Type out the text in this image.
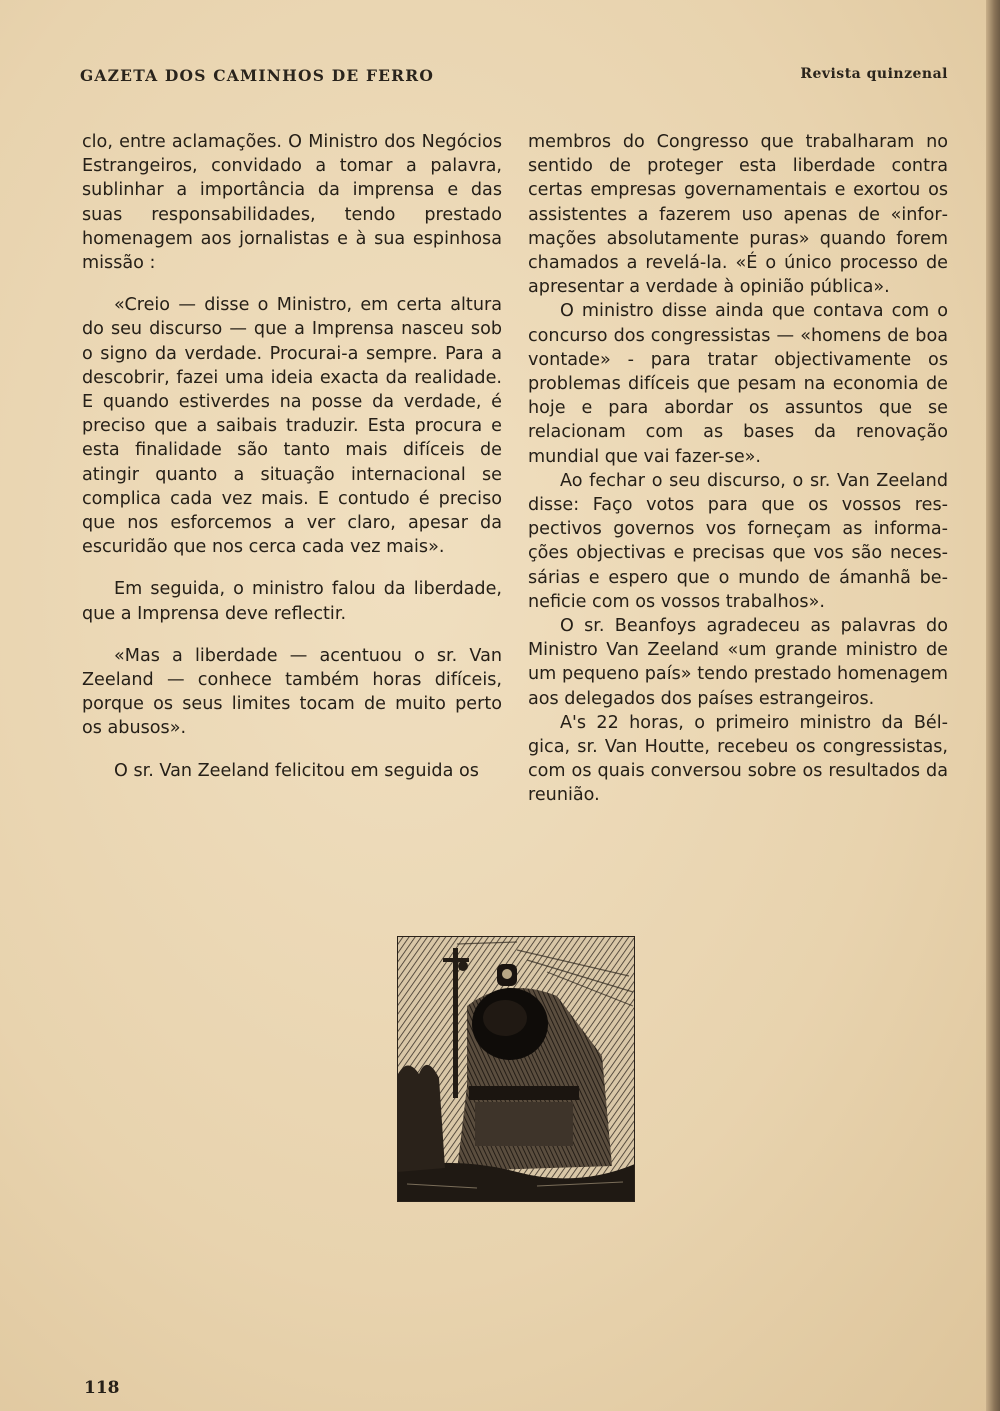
GAZETA DOS CAMINHOS DE FERRO	Revista quinzenal

clo, entre aclamações. O Ministro dos Negócios Estrangeiros, convidado a tomar a palavra, sublinhar a importância da imprensa e das suas responsabilidades, tendo prestado homenagem aos jornalistas e à sua espinhosa missão :

«Creio — disse o Ministro, em certa altura do seu discurso — que a Imprensa nasceu sob o signo da verdade. Procurai-a sempre. Para a descobrir, fazei uma ideia exacta da realidade. E quando estiverdes na posse da verdade, é preciso que a saibais traduzir. Esta procura e esta finalidade são tanto mais difíceis de atingir quanto a situação internacional se complica cada vez mais. E contudo é preciso que nos esforcemos a ver claro, apesar da escuridão que nos cerca cada vez mais».

Em seguida, o ministro falou da liberdade, que a Imprensa deve reflectir.

«Mas a liberdade — acentuou o sr. Van Zeeland — conhece também horas difíceis, porque os seus limites tocam de muito perto os abusos».

O sr. Van Zeeland felicitou em seguida os

membros do Congresso que trabalharam no sentido de proteger esta liberdade contra certas empresas governamentais e exortou os assistentes a fazerem uso apenas de «informações absolutamente puras» quando forem chamados a revelá-la. «É o único processo de apresentar a verdade à opinião pública».

O ministro disse ainda que contava com o concurso dos congressistas — «homens de boa vontade» - para tratar objectivamente os problemas difíceis que pesam na economia de hoje e para abordar os assuntos que se relacionam com as bases da renovação mundial que vai fazer-se».

Ao fechar o seu discurso, o sr. Van Zeeland disse: Faço votos para que os vossos respectivos governos vos forneçam as informações objectivas e precisas que vos são necessárias e espero que o mundo de ámanhã beneficie com os vossos trabalhos».

O sr. Beanfoys agradeceu as palavras do Ministro Van Zeeland «um grande ministro de um pequeno país» tendo prestado homenagem aos delegados dos países estrangeiros.

A's 22 horas, o primeiro ministro da Bélgica, sr. Van Houtte, recebeu os congressistas, com os quais conversou sobre os resultados da reunião.

118
